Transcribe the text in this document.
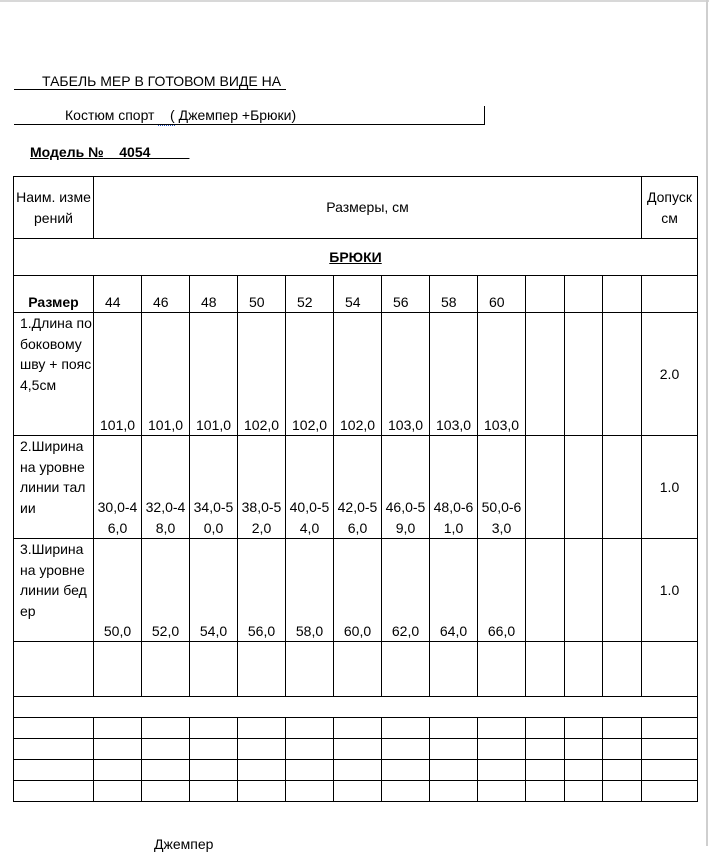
ТАБЕЛЬ МЕР В ГОТОВОМ ВИДЕ НА
Костюм спорт ( Джемпер +Брюки)
Модель №__4054_____
Наим. измерений	Размеры, см												Допуск см
БРЮКИ													
Размер	44	46	48	50	52	54	56	58	60				
1.Длина по боковому шву + пояс 4,5см	101,0	101,0	101,0	102,0	102,0	102,0	103,0	103,0	103,0				2.0
2.Ширина на уровне линии талии	30,0-46,0	32,0-48,0	34,0-50,0	38,0-52,0	40,0-54,0	42,0-56,0	46,0-59,0	48,0-61,0	50,0-63,0				1.0
3.Ширина на уровне линии бедер	50,0	52,0	54,0	56,0	58,0	60,0	62,0	64,0	66,0				1.0

Джемпер
